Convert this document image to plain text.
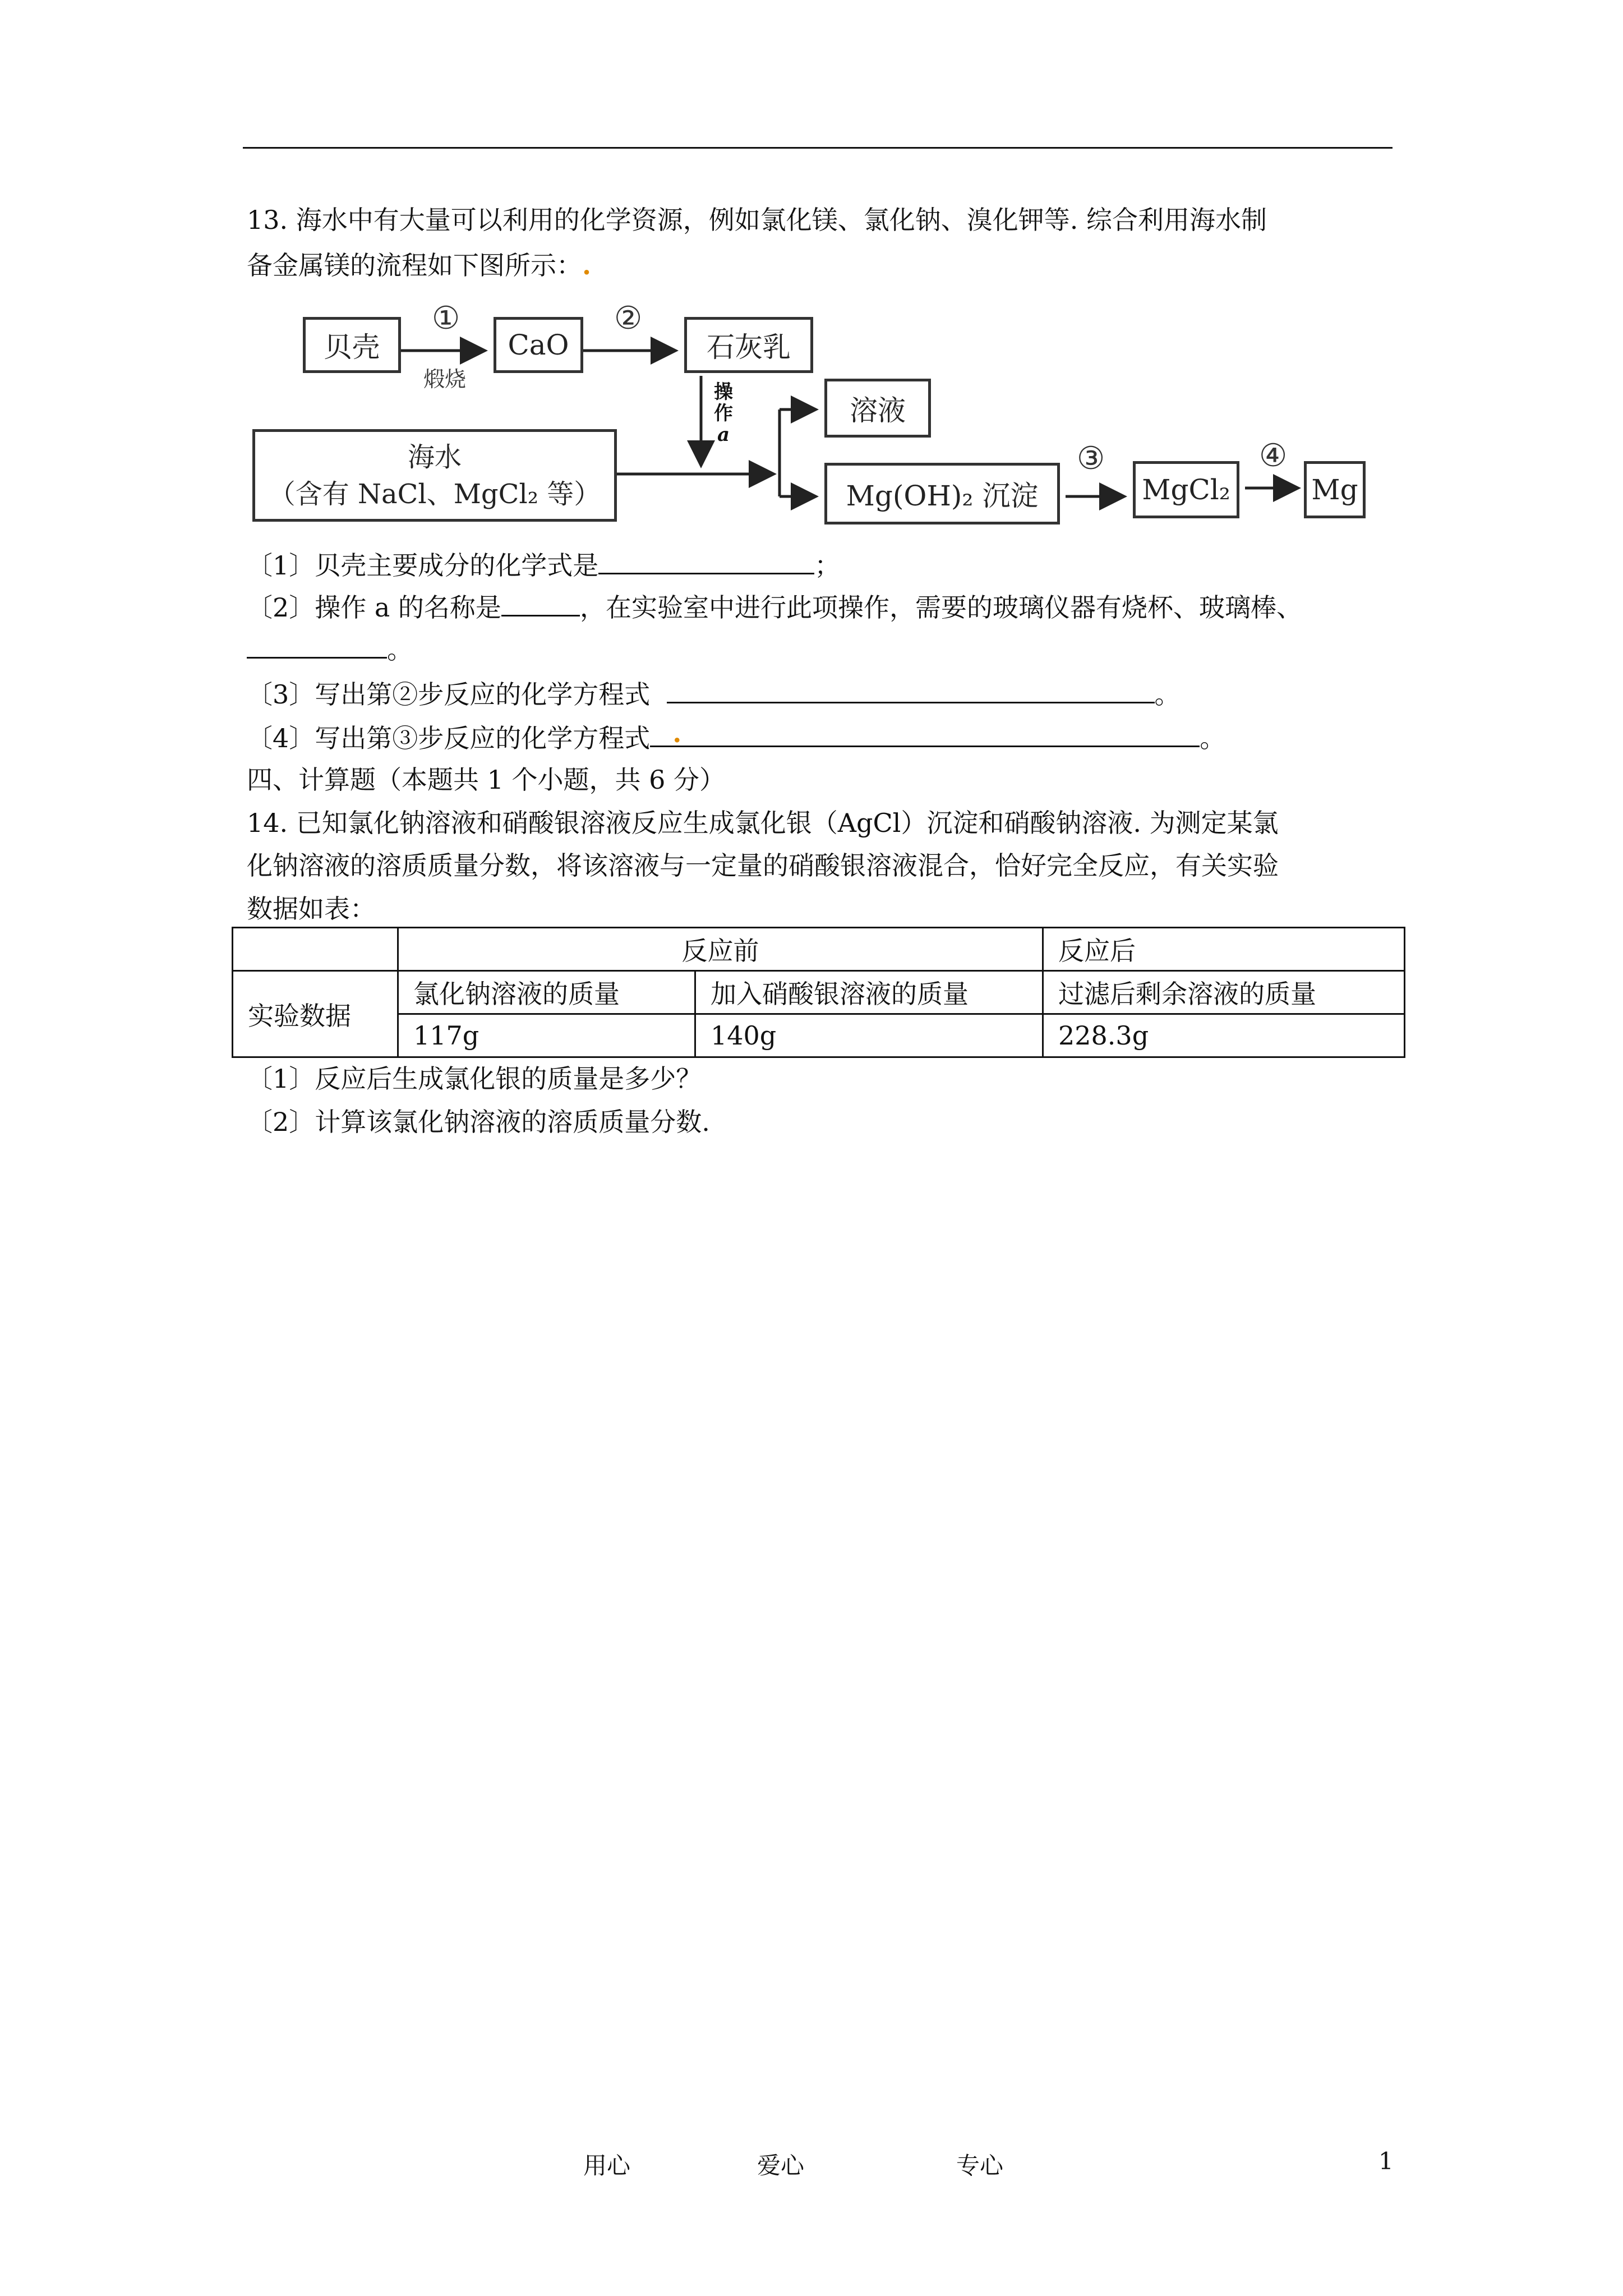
13. 海水中有大量可以利用的化学资源，例如氯化镁、氯化钠、溴化钾等. 综合利用海水制
备金属镁的流程如下图所示：.
贝壳
①
煅烧
CaO
②
石灰乳
操
作
a
溶液
海水
（含有 NaCl、MgCl₂ 等）	Mg(OH)₂ 沉淀
③
MgCl₂
④
Mg
〔1〕贝壳主要成分的化学式是	；
〔2〕操作 a 的名称是	，在实验室中进行此项操作，需要的玻璃仪器有烧杯、玻璃棒、
。
〔3〕写出第②步反应的化学方程式	。
〔4〕写出第③步反应的化学方程式 .	。
四、计算题（本题共 1 个小题，共 6 分）
14. 已知氯化钠溶液和硝酸银溶液反应生成氯化银（AgCl）沉淀和硝酸钠溶液. 为测定某氯
化钠溶液的溶质质量分数，将该溶液与一定量的硝酸银溶液混合，恰好完全反应，有关实验
数据如表：
	反应前		反应后
实验数据	氯化钠溶液的质量	加入硝酸银溶液的质量	过滤后剩余溶液的质量
	117g	140g	228.3g
〔1〕反应后生成氯化银的质量是多少？
〔2〕计算该氯化钠溶液的溶质质量分数.
用心	爱心	专心	1
